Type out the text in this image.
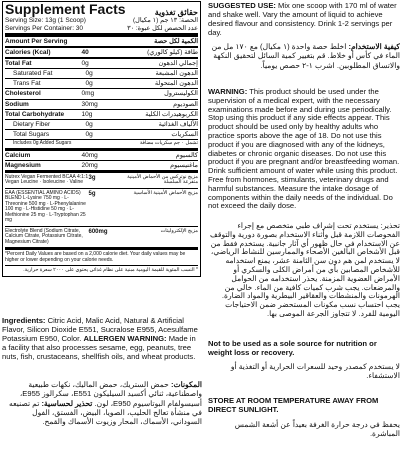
Supplement Facts
Serving Size: 13g (1 Scoop)
Servings Per Container: 30
حقائق تغذوية
الحصة: ١٣ جم (١ مكيال)
عدد الحصص لكل عبوة: ٣٠
Amount Per Serving	الكمية لكل حصة
Calories (Kcal)	40	طاقة (كيلو كالوري)
Total Fat	0g	إجمالي الدهون
Saturated Fat	0g	الدهون المشبعة
Trans Fat	0g	الدهون المتحولة
Cholesterol	0mg	الكوليسترول
Sodium	30mg	الصوديوم
Total Carbohydrate	10g	الكربوهيدرات الكلية
Dietary Fiber	0g	الألياف الغذائية
Total Sugars	0g	السكريات
Includes 0g Added Sugars	تشمل ٠ جم سكريات مضافة
Calcium	40mg	كالسيوم
Magnesium	20mg	ماغنيسيوم
Nutrex Vegan Fermented BCAA 4:1:1 Vegan Leucine · Isoleucine · Valine
3g	مزيج نوتركس من الأحماض الأمينية متفرعة السلسلة
EAA (ESSENTIAL AMINO ACIDS) BLEND L-Lysine 750 mg · L-Threonine 500 mg · L-Phenylalanine 100 mg · L-Histidine 50 mg · L-Methionine 25 mg · L-Tryptophan 25 mg
5g	مزيج الأحماض الأمينية الأساسية
Electrolyte Blend (Sodium Citrate, Calcium Citrate, Potassium Citrate, Magnesium Citrate)
600mg	مزيج الإلكتروليتات
*Percent Daily Values are based on a 2,000 calorie diet. Your daily values may be higher or lower depending on your calorie needs.
* النسب المئوية للقيمة اليومية مبنية على نظام غذائي يحتوي على ٢٠٠٠ سعرة حرارية.
Ingredients: Citric Acid, Malic Acid, Natural & Artificial Flavor, Silicon Dioxide E551, Sucralose E955, Acesulfame Potassium E950, Color. ALLERGEN WARNING: Made in a facility that also processes sesame, egg, peanuts, tree nuts, fish, crustaceans, shellfish oils, and wheat products.
المكونات: حمض الستريك، حمض الماليك، نكهات طبيعية واصطناعية، ثنائي أكسيد السيليكون E551، سكرالوز E955، أسيسولفام البوتاسيوم E950، لون. تحذير لحساسية: تم تصنيعه في منشأة تعالج الحليب، الصويا، البيض، الفستق، الفول السوداني، الأسماك، المحار وزيوت الأسماك والقمح.
SUGGESTED USE: Mix one scoop with 170 ml of water and shake well. Vary the amount of liquid to achieve desired flavour and consistency. Drink 1-2 servings per day.
كيفية الاستخدام: اخلط حصة واحدة (١ مكيال) مع ١٧٠ مل من الماء في كأس أو خلاط. قم بتغيير كمية السائل لتحقيق النكهة والاتساق المطلوبين. اشرب ١-٢ حصص يومياً.
WARNING: This product should be used under the supervision of a medical expert, with the necessary examinations made before and during use periodically. Stop using this product if any side effects appear. This product should be used only by healthy adults who practice sports above the age of 18. Do not use this product if you are diagnosed with any of the kidneys, diabetes or chronic organic diseases. Do not use this product if you are pregnant and/or breastfeeding woman. Drink sufficient amount of water while using this product. Free from hormones, stimulants, veterinary drugs and harmful substances. Measure the intake dosage of components within the daily needs of the individual. Do not exceed the daily dose.
تحذير: يستخدم تحت إشراف طبي متخصص مع إجراء الفحوصات اللازمة قبل وأثناء الاستخدام بصورة دورية والتوقف عن الاستخدام في حال ظهور أي آثار جانبية. يستخدم فقط من قبل الأشخاص البالغين الأصحاء والممارسين للنشاط الرياضي، لا يستخدم لمن هم دون سن الثامنة عشر، يمنع استخدامه للأشخاص المصابين بأي من أمراض الكلى والسكري أو الأمراض العضوية المزمنة. يحذر استخدامه من الحوامل والمرضعات. يجب شرب كميات كافية من الماء. خالي من الهرمونات والمنشطات والعقاقير البيطرية والمواد الضارة. يجب احتساب نسب مكونات المستحضر ضمن الاحتياجات اليومية للفرد. لا تتجاوز الجرعة الموصى بها.
Not to be used as a sole source for nutrition or weight loss or recovery.
لا يستخدم كمصدر وحيد للسعرات الحرارية أو التغذية أو الاستشفاء.
STORE AT ROOM TEMPERATURE AWAY FROM DIRECT SUNLIGHT.
يحفظ في درجة حرارة الغرفة بعيداً عن أشعة الشمس المباشرة.
